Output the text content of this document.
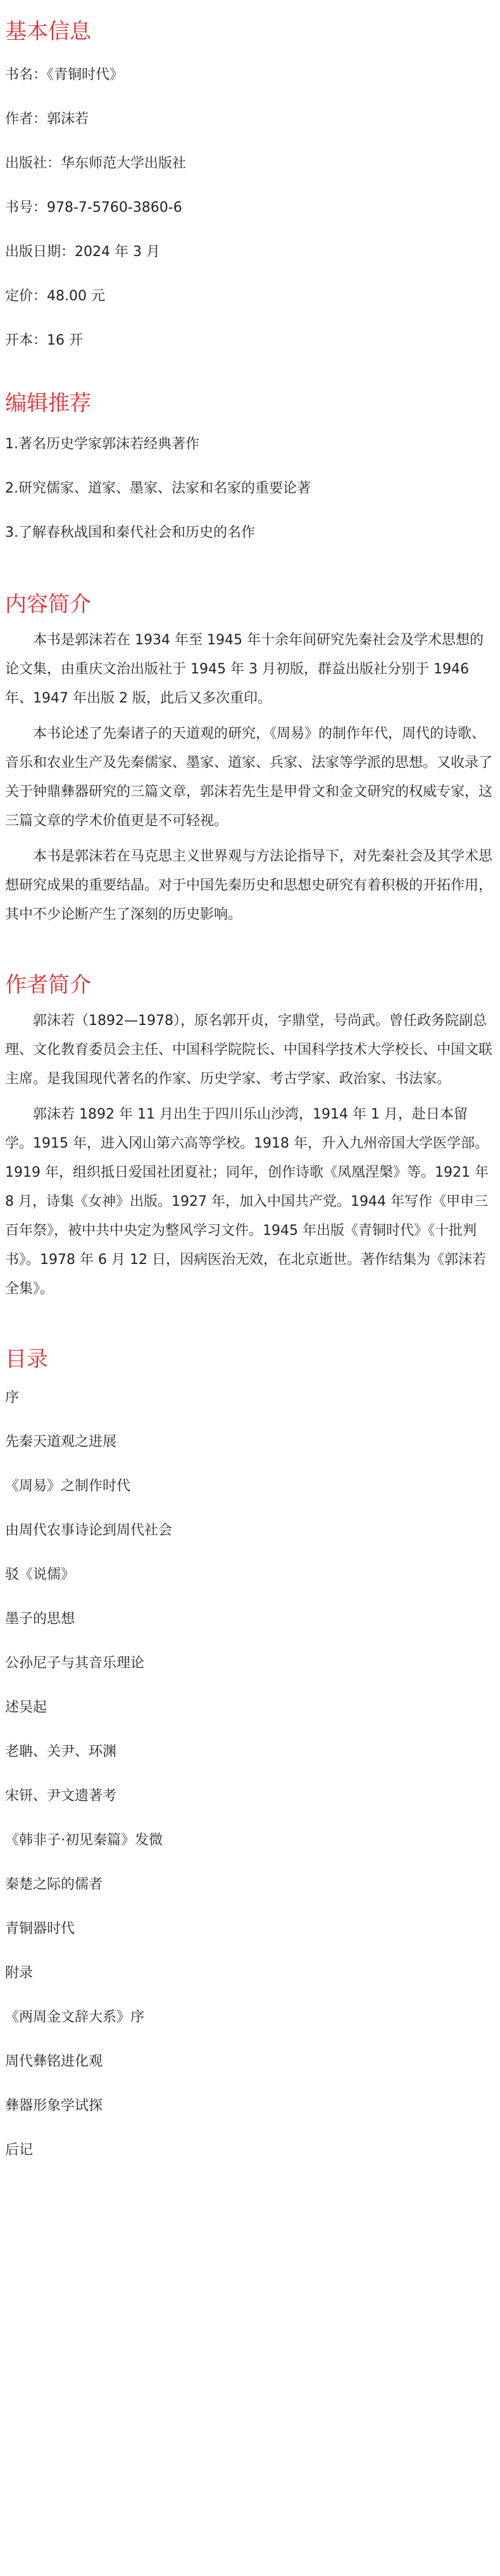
基本信息
书名：《青铜时代》
作者：郭沫若
出版社：华东师范大学出版社
书号：978-7-5760-3860-6
出版日期：2024 年 3 月
定价：48.00 元
开本：16 开
编辑推荐
1.著名历史学家郭沫若经典著作
2.研究儒家、道家、墨家、法家和名家的重要论著
3.了解春秋战国和秦代社会和历史的名作
内容简介

本书是郭沫若在 1934 年至 1945 年十余年间研究先秦社会及学术思想的论文集，由重庆文治出版社于 1945 年 3 月初版，群益出版社分别于 1946 年、1947 年出版 2 版，此后又多次重印。

本书论述了先秦诸子的天道观的研究，《周易》的制作年代，周代的诗歌、音乐和农业生产及先秦儒家、墨家、道家、兵家、法家等学派的思想。又收录了关于钟鼎彝器研究的三篇文章，郭沫若先生是甲骨文和金文研究的权威专家，这三篇文章的学术价值更是不可轻视。

本书是郭沫若在马克思主义世界观与方法论指导下，对先秦社会及其学术思想研究成果的重要结晶。对于中国先秦历史和思想史研究有着积极的开拓作用，其中不少论断产生了深刻的历史影响。

作者简介

郭沫若（1892—1978），原名郭开贞，字鼎堂，号尚武。曾任政务院副总理、文化教育委员会主任、中国科学院院长、中国科学技术大学校长、中国文联主席。是我国现代著名的作家、历史学家、考古学家、政治家、书法家。

郭沫若 1892 年 11 月出生于四川乐山沙湾，1914 年 1 月，赴日本留学。1915 年，进入冈山第六高等学校。1918 年，升入九州帝国大学医学部。1919 年，组织抵日爱国社团夏社；同年，创作诗歌《凤凰涅槃》等。1921 年 8 月，诗集《女神》出版。1927 年，加入中国共产党。1944 年写作《甲申三百年祭》，被中共中央定为整风学习文件。1945 年出版《青铜时代》《十批判书》。1978 年 6 月 12 日，因病医治无效，在北京逝世。著作结集为《郭沫若全集》。

目录
序
先秦天道观之进展
《周易》之制作时代
由周代农事诗论到周代社会
驳《说儒》
墨子的思想
公孙尼子与其音乐理论
述吴起
老聃、关尹、环渊
宋钘、尹文遗著考
《韩非子·初见秦篇》发微
秦楚之际的儒者
青铜器时代
附录
《两周金文辞大系》序
周代彝铭进化观
彝器形象学试探
后记
